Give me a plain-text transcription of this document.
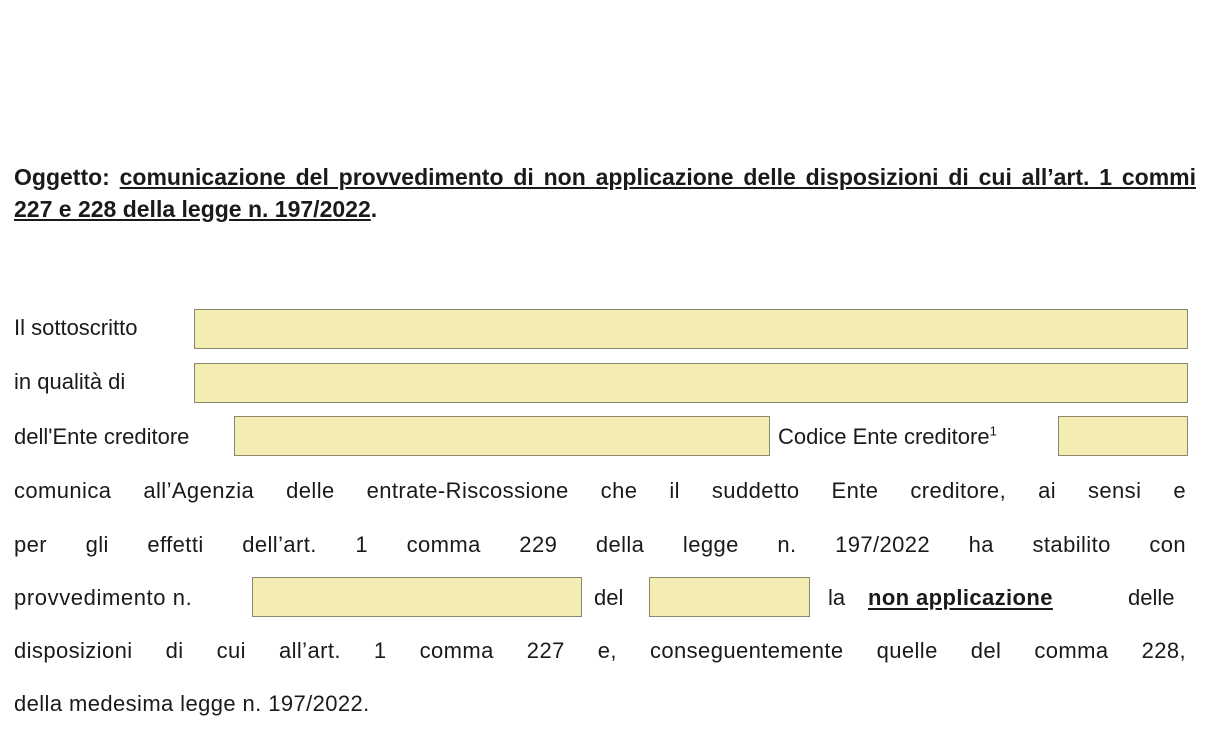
Oggetto: comunicazione del provvedimento di non applicazione delle disposizioni di cui all’art. 1 commi 227 e 228 della legge n. 197/2022.

Il sottoscritto
in qualità di
dell'Ente creditore	Codice Ente creditore$^1$

comunica all’Agenzia delle entrate-Riscossione che il suddetto Ente creditore, ai sensi e

per gli effetti dell’art. 1 comma 229 della legge n. 197/2022 ha stabilito con

provvedimento n.	del	la non applicazione	delle

disposizioni di cui all’art. 1 comma 227 e, conseguentemente quelle del comma 228,

della medesima legge n. 197/2022.
